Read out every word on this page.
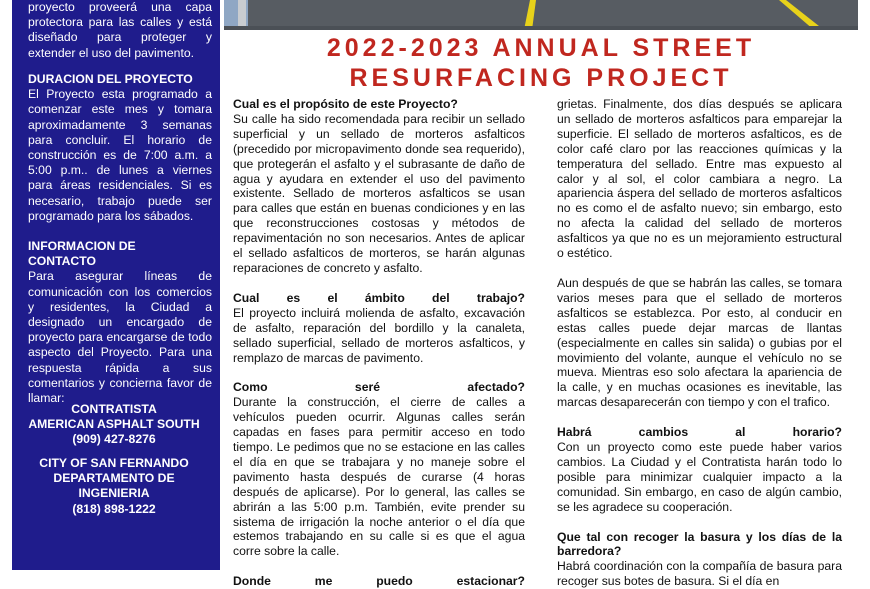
proyecto proveerá una capa protectora para las calles y está diseñado para proteger y extender el uso del pavimento.

DURACION DEL PROYECTO

El Proyecto esta programado a comenzar este mes y tomara aproximadamente 3 semanas para concluir. El horario de construcción es de 7:00 a.m. a 5:00 p.m.. de lunes a viernes para áreas residenciales. Si es necesario, trabajo puede ser programado para los sábados.

INFORMACION DE
CONTACTO

Para asegurar líneas de comunicación con los comercios y residentes, la Ciudad a designado un encargado de proyecto para encargarse de todo aspecto del Proyecto. Para una respuesta rápida a sus comentarios y concierna favor de llamar:

CONTRATISTA
AMERICAN ASPHALT SOUTH
(909) 427-8276
CITY OF SAN FERNANDO
DEPARTAMENTO DE
INGENIERIA
(818) 898-1222
2022-2023 ANNUAL STREET
RESURFACING PROJECT

Cual es el propósito de este Proyecto?

Su calle ha sido recomendada para recibir un sellado superficial y un sellado de morteros asfalticos (precedido por micropavimento donde sea requerido), que protegerán el asfalto y el subrasante de daño de agua y ayudara en extender el uso del pavimento existente. Sellado de morteros asfalticos se usan para calles que están en buenas condiciones y en las que reconstrucciones costosas y métodos de repavimentación no son necesarios. Antes de aplicar el sellado asfalticos de morteros, se harán algunas reparaciones de concreto y asfalto.

Cual es el ámbito del trabajo?

El proyecto incluirá molienda de asfalto, excavación de asfalto, reparación del bordillo y la canaleta, sellado superficial, sellado de morteros asfalticos, y remplazo de marcas de pavimento.

Como seré afectado?

Durante la construcción, el cierre de calles a vehículos pueden ocurrir. Algunas calles serán capadas en fases para permitir acceso en todo tiempo. Le pedimos que no se estacione en las calles el día en que se trabajara y no maneje sobre el pavimento hasta después de curarse (4 horas después de aplicarse). Por lo general, las calles se abrirán a las 5:00 p.m. También, evite prender su sistema de irrigación la noche anterior o el día que estemos trabajando en su calle si es que el agua corre sobre la calle.

Donde me puedo estacionar?

grietas. Finalmente, dos días después se aplicara un sellado de morteros asfalticos para emparejar la superficie. El sellado de morteros asfalticos, es de color café claro por las reacciones químicas y la temperatura del sellado. Entre mas expuesto al calor y al sol, el color cambiara a negro. La apariencia áspera del sellado de morteros asfalticos no es como el de asfalto nuevo; sin embargo, esto no afecta la calidad del sellado de morteros asfalticos ya que no es un mejoramiento estructural o estético.

Aun después de que se habrán las calles, se tomara varios meses para que el sellado de morteros asfalticos se establezca. Por esto, al conducir en estas calles puede dejar marcas de llantas (especialmente en calles sin salida) o gubias por el movimiento del volante, aunque el vehículo no se mueva. Mientras eso solo afectara la apariencia de la calle, y en muchas ocasiones es inevitable, las marcas desaparecerán con tiempo y con el trafico.

Habrá cambios al horario?

Con un proyecto como este puede haber varios cambios. La Ciudad y el Contratista harán todo lo posible para minimizar cualquier impacto a la comunidad. Sin embargo, en caso de algún cambio, se les agradece su cooperación.

Que tal con recoger la basura y los días de la barredora?

Habrá coordinación con la compañía de basura para recoger sus botes de basura. Si el día en
